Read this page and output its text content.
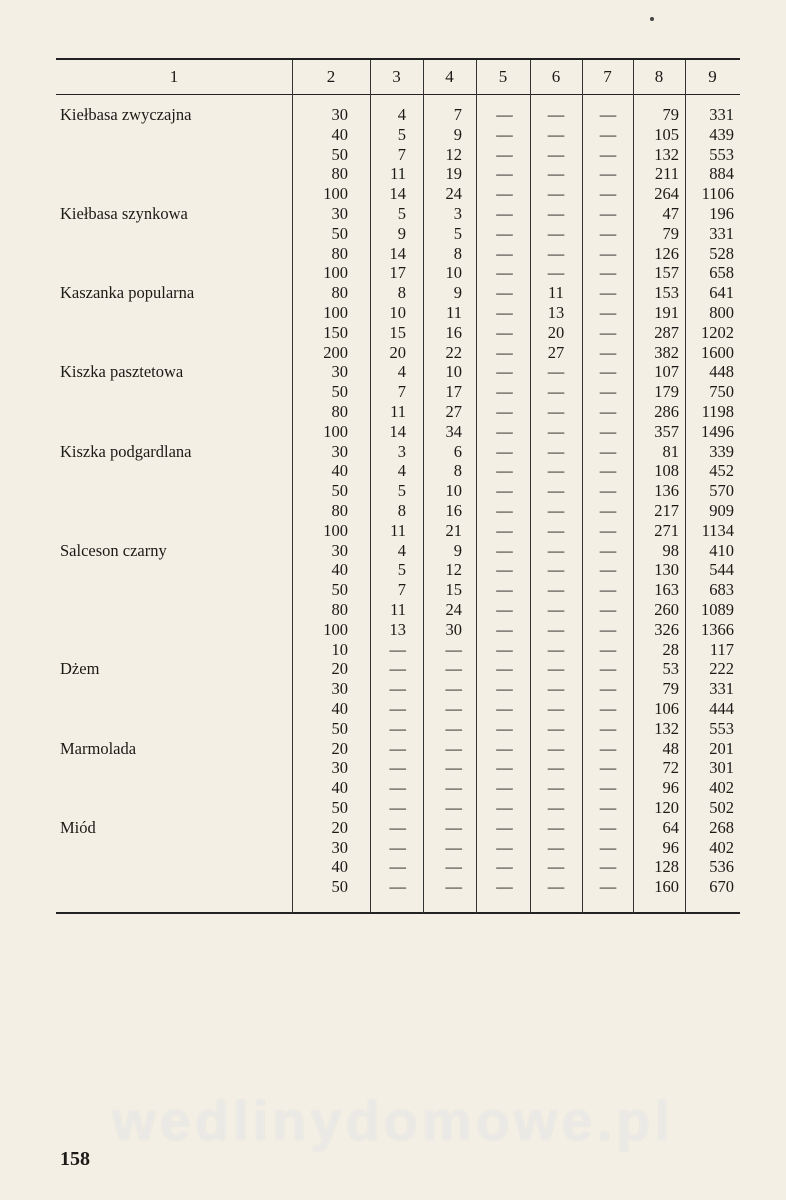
1	2	3	4	5	6	7	8	9
Kiełbasa zwyczajna	30	4	7	—	—	—	79	331
40	5	9	—	—	—	105	439
50	7	12	—	—	—	132	553
80	11	19	—	—	—	211	884
100	14	24	—	—	—	264	1106
Kiełbasa szynkowa	30	5	3	—	—	—	47	196
50	9	5	—	—	—	79	331
80	14	8	—	—	—	126	528
100	17	10	—	—	—	157	658
Kaszanka popularna	80	8	9	—	11	—	153	641
100	10	11	—	13	—	191	800
150	15	16	—	20	—	287	1202
200	20	22	—	27	—	382	1600
Kiszka pasztetowa	30	4	10	—	—	—	107	448
50	7	17	—	—	—	179	750
80	11	27	—	—	—	286	1198
100	14	34	—	—	—	357	1496
Kiszka podgardlana	30	3	6	—	—	—	81	339
40	4	8	—	—	—	108	452
50	5	10	—	—	—	136	570
80	8	16	—	—	—	217	909
100	11	21	—	—	—	271	1134
Salceson czarny	30	4	9	—	—	—	98	410
40	5	12	—	—	—	130	544
50	7	15	—	—	—	163	683
80	11	24	—	—	—	260	1089
100	13	30	—	—	—	326	1366
10	—	—	—	—	—	28	117
Dżem	20	—	—	—	—	—	53	222
30	—	—	—	—	—	79	331
40	—	—	—	—	—	106	444
50	—	—	—	—	—	132	553
Marmolada	20	—	—	—	—	—	48	201
30	—	—	—	—	—	72	301
40	—	—	—	—	—	96	402
50	—	—	—	—	—	120	502
Miód	20	—	—	—	—	—	64	268
30	—	—	—	—	—	96	402
40	—	—	—	—	—	128	536
50	—	—	—	—	—	160	670
158
wedlinydomowe.pl
